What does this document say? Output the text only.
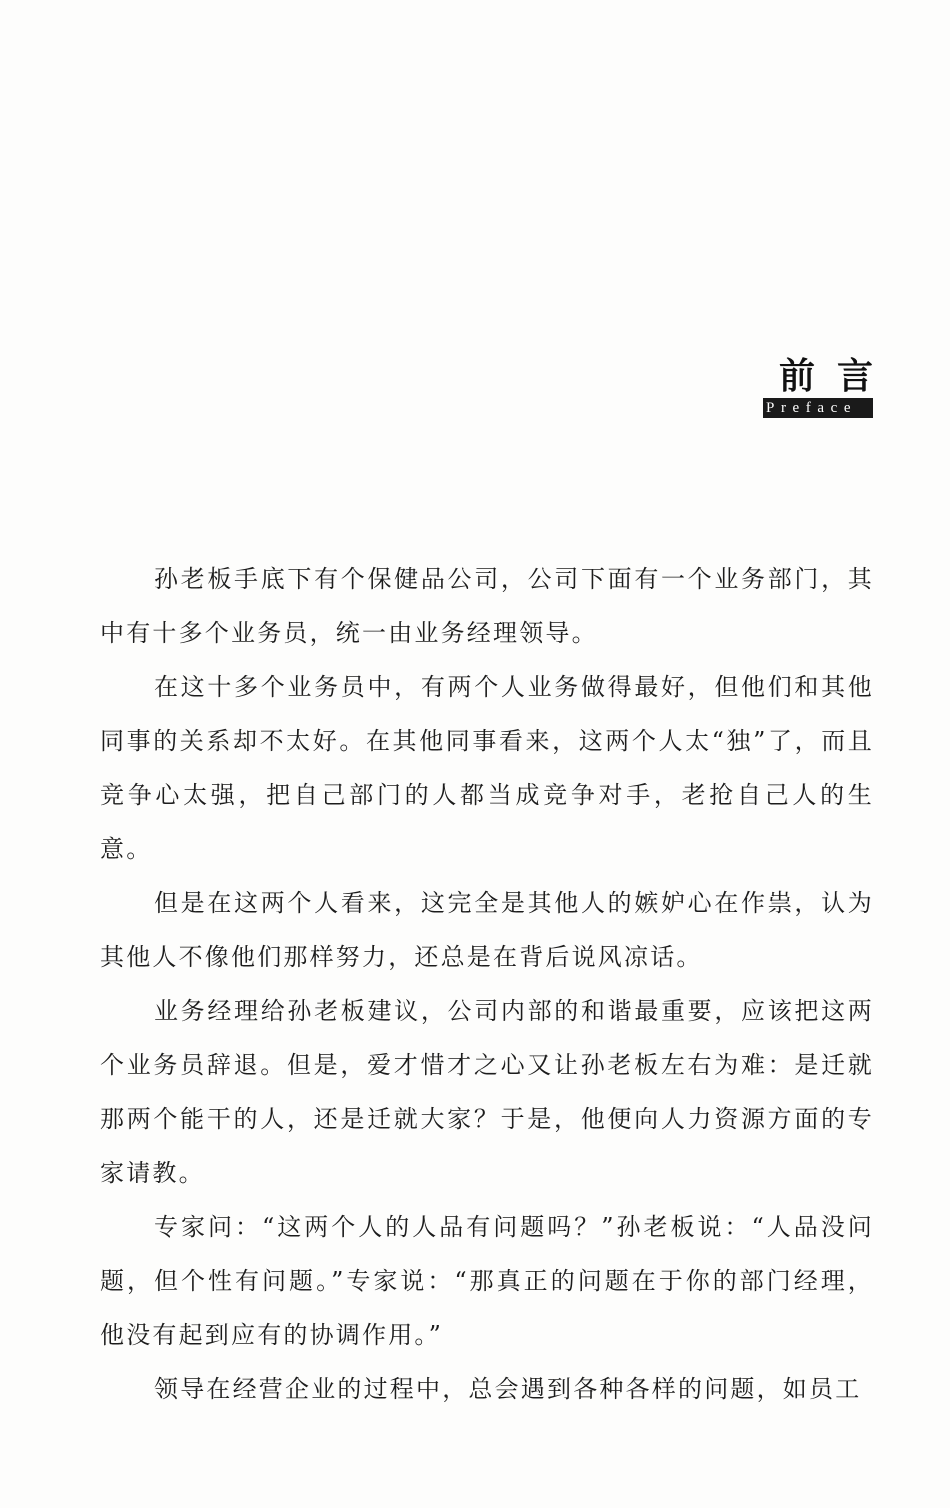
前言
Preface

孙老板手底下有个保健品公司，公司下面有一个业务部门，其中有十多个业务员，统一由业务经理领导。

在这十多个业务员中，有两个人业务做得最好，但他们和其他同事的关系却不太好。在其他同事看来，这两个人太“独”了，而且竞争心太强，把自己部门的人都当成竞争对手，老抢自己人的生意。

但是在这两个人看来，这完全是其他人的嫉妒心在作祟，认为其他人不像他们那样努力，还总是在背后说风凉话。

业务经理给孙老板建议，公司内部的和谐最重要，应该把这两个业务员辞退。但是，爱才惜才之心又让孙老板左右为难：是迁就那两个能干的人，还是迁就大家？于是，他便向人力资源方面的专家请教。

专家问：“这两个人的人品有问题吗？”孙老板说：“人品没问题，但个性有问题。”专家说：“那真正的问题在于你的部门经理，他没有起到应有的协调作用。”

领导在经营企业的过程中，总会遇到各种各样的问题，如员工
